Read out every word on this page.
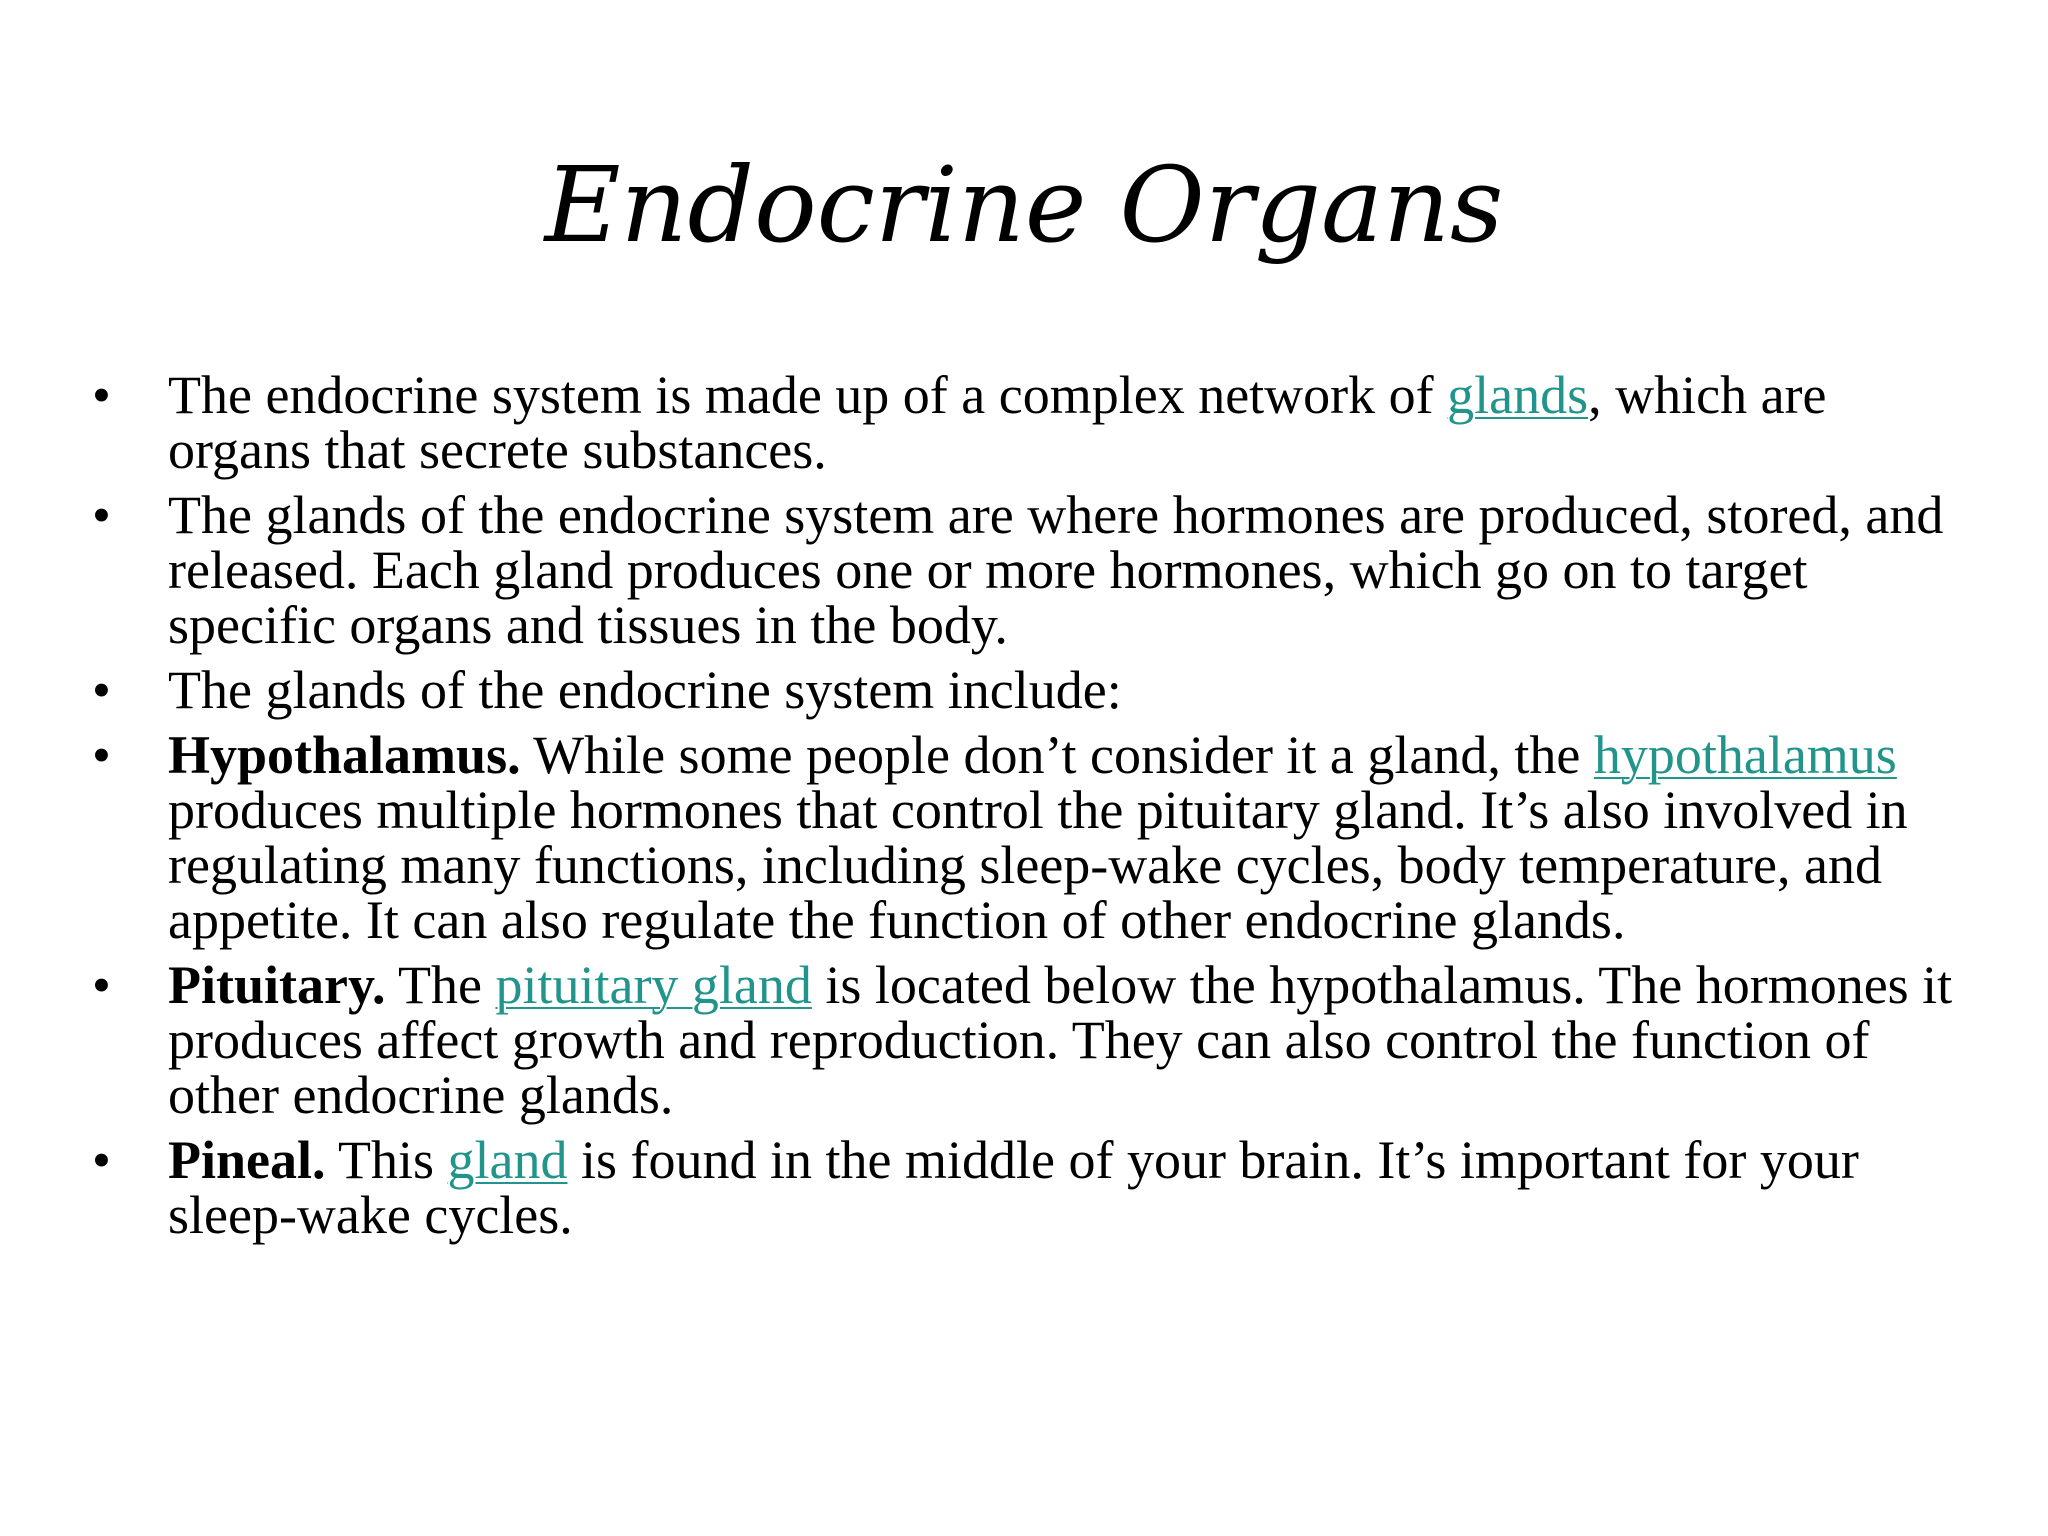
Endocrine Organs
• The endocrine system is made up of a complex network of glands, which are organs that secrete substances.
• The glands of the endocrine system are where hormones are produced, stored, and released. Each gland produces one or more hormones, which go on to target specific organs and tissues in the body.
• The glands of the endocrine system include:
• Hypothalamus. While some people don’t consider it a gland, the hypothalamus produces multiple hormones that control the pituitary gland. It’s also involved in regulating many functions, including sleep-wake cycles, body temperature, and appetite. It can also regulate the function of other endocrine glands.
• Pituitary. The pituitary gland is located below the hypothalamus. The hormones it produces affect growth and reproduction. They can also control the function of other endocrine glands.
• Pineal. This gland is found in the middle of your brain. It’s important for your sleep-wake cycles.
